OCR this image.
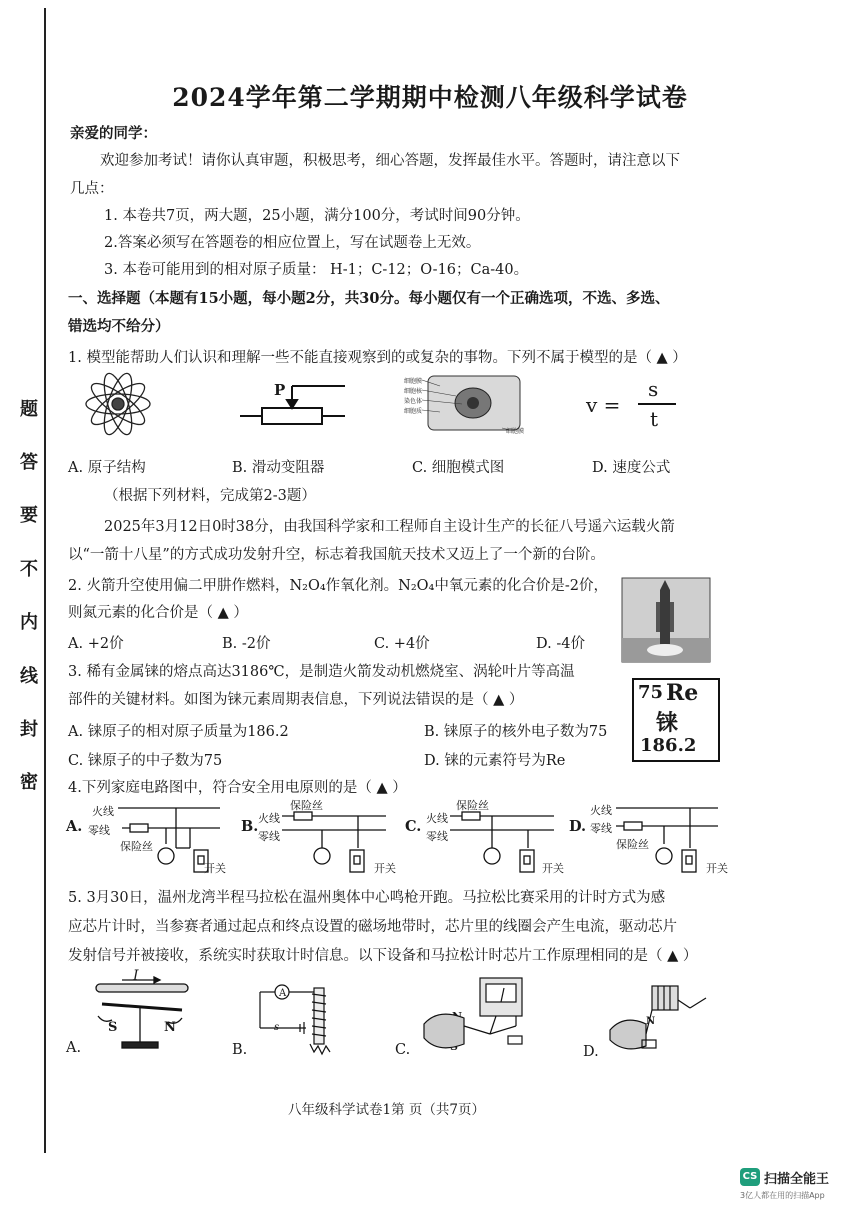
题
答
要
不
内
线
封
密
2024学年第二学期期中检测八年级科学试卷
亲爱的同学：
欢迎参加考试！请你认真审题，积极思考，细心答题，发挥最佳水平。答题时，请注意以下
几点：
1. 本卷共7页，两大题，25小题，满分100分，考试时间90分钟。
2.答案必须写在答题卷的相应位置上，写在试题卷上无效。
3. 本卷可能用到的相对原子质量： H-1；C-12；O-16；Ca-40。
一、选择题（本题有15小题，每小题2分，共30分。每小题仅有一个正确选项，不选、多选、
错选均不给分）
1. 模型能帮助人们认识和理解一些不能直接观察到的或复杂的事物。下列不属于模型的是（ ▲ ）
P	细胞膜
细胞核
染色体
细胞质
细胞膜
v =
s
t
A. 原子结构	B. 滑动变阻器	C. 细胞模式图	D. 速度公式
（根据下列材料，完成第2-3题）
2025年3月12日0时38分，由我国科学家和工程师自主设计生产的长征八号遥六运载火箭
以“一箭十八星”的方式成功发射升空，标志着我国航天技术又迈上了一个新的台阶。
2. 火箭升空使用偏二甲肼作燃料，N₂O₄作氧化剂。N₂O₄中氧元素的化合价是-2价，
则氮元素的化合价是（ ▲ ）
A. +2价	B. -2价	C. +4价	D. -4价
3. 稀有金属铼的熔点高达3186℃，是制造火箭发动机燃烧室、涡轮叶片等高温
部件的关键材料。如图为铼元素周期表信息，下列说法错误的是（ ▲ ）
A. 铼原子的相对原子质量为186.2	B. 铼原子的核外电子数为75
C. 铼原子的中子数为75	D. 铼的元素符号为Re
75 Re
铼
186.2
4.下列家庭电路图中，符合安全用电原则的是（ ▲ ）
A.
火线
零线
保险丝
开关
B. 火线
零线
保险丝
开关
C. 火线
零线
保险丝
开关
D.
火线
零线
保险丝
开关
5. 3月30日，温州龙湾半程马拉松在温州奥体中心鸣枪开跑。马拉松比赛采用的计时方式为感
应芯片计时，当参赛者通过起点和终点设置的磁场地带时，芯片里的线圈会产生电流，驱动芯片
发射信号并被接收，系统实时获取计时信息。以下设备和马拉松计时芯片工作原理相同的是（ ▲ ）
A.
I
S	N
B.
A
s
C.	D.
N
八年级科学试卷1第 页（共7页）
CS 扫描全能王
3亿人都在用的扫描App
